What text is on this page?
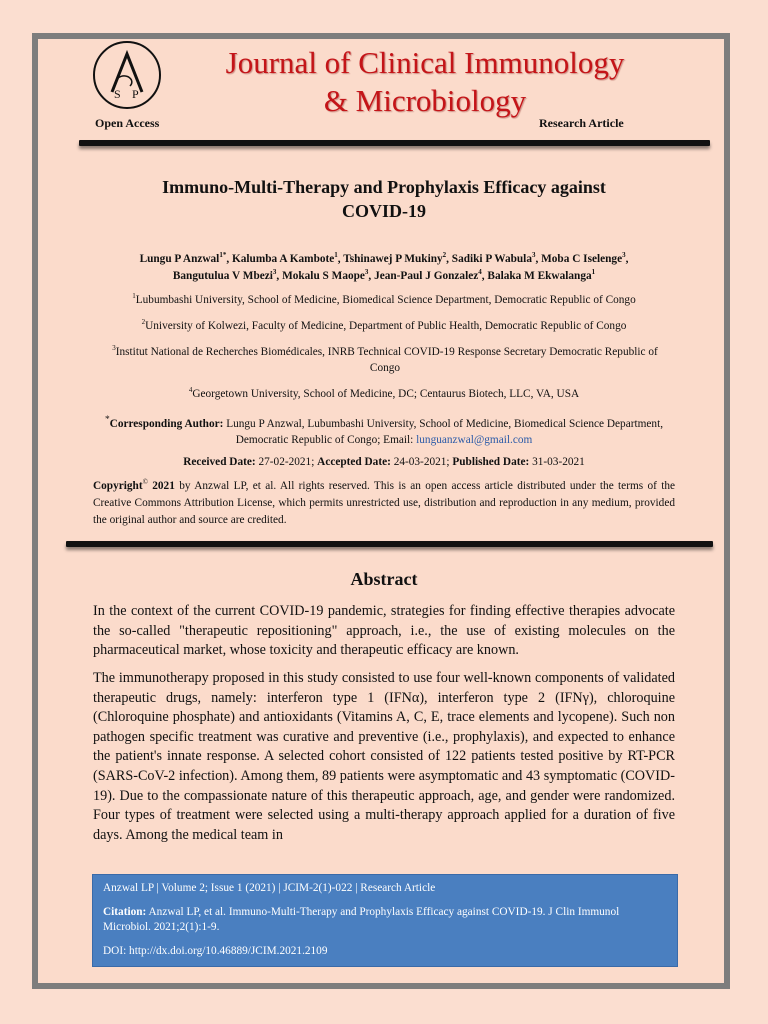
S P
Journal of Clinical Immunology
& Microbiology
Open Access	Research Article
Immuno-Multi-Therapy and Prophylaxis Efficacy against
COVID-19
Lungu P Anzwal$^{1*}$, Kalumba A Kambote$^1$, Tshinawej P Mukiny$^2$, Sadiki P Wabula$^3$, Moba C Iselenge$^3$,
Bangutulua V Mbezi$^3$, Mokalu S Maope$^3$, Jean-Paul J Gonzalez$^4$, Balaka M Ekwalanga$^1$
$^1$Lubumbashi University, School of Medicine, Biomedical Science Department, Democratic Republic of Congo
$^2$University of Kolwezi, Faculty of Medicine, Department of Public Health, Democratic Republic of Congo
$^3$Institut National de Recherches Biomédicales, INRB Technical COVID-19 Response Secretary Democratic Republic of Congo
$^4$Georgetown University, School of Medicine, DC; Centaurus Biotech, LLC, VA, USA
*Corresponding Author: Lungu P Anzwal, Lubumbashi University, School of Medicine, Biomedical Science Department, Democratic Republic of Congo; Email: lunguanzwal@gmail.com
Received Date: 27-02-2021; Accepted Date: 24-03-2021; Published Date: 31-03-2021
Copyright© 2021 by Anzwal LP, et al. All rights reserved. This is an open access article distributed under the terms of the Creative Commons Attribution License, which permits unrestricted use, distribution and reproduction in any medium, provided the original author and source are credited.
Abstract
In the context of the current COVID-19 pandemic, strategies for finding effective therapies advocate the so-called "therapeutic repositioning" approach, i.e., the use of existing molecules on the pharmaceutical market, whose toxicity and therapeutic efficacy are known.
The immunotherapy proposed in this study consisted to use four well-known components of validated therapeutic drugs, namely: interferon type 1 (IFNα), interferon type 2 (IFNγ), chloroquine (Chloroquine phosphate) and antioxidants (Vitamins A, C, E, trace elements and lycopene). Such non pathogen specific treatment was curative and preventive (i.e., prophylaxis), and expected to enhance the patient's innate response. A selected cohort consisted of 122 patients tested positive by RT-PCR (SARS-CoV-2 infection). Among them, 89 patients were asymptomatic and 43 symptomatic (COVID-19). Due to the compassionate nature of this therapeutic approach, age, and gender were randomized. Four types of treatment were selected using a multi-therapy approach applied for a duration of five days. Among the medical team in
Anzwal LP | Volume 2; Issue 1 (2021) | JCIM-2(1)-022 | Research Article
Citation: Anzwal LP, et al. Immuno-Multi-Therapy and Prophylaxis Efficacy against COVID-19. J Clin Immunol Microbiol. 2021;2(1):1-9.
DOI: http://dx.doi.org/10.46889/JCIM.2021.2109
